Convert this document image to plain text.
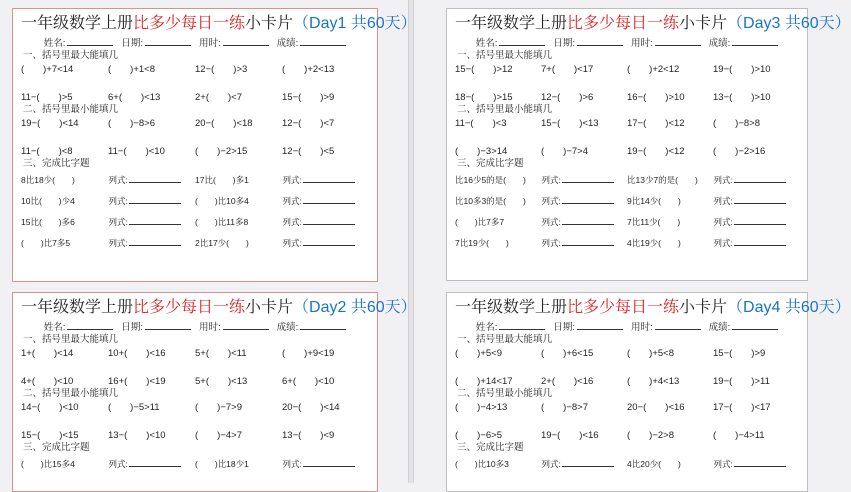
一年级数学上册比多少每日一练小卡片（Day1 共60天）
姓名:	日期:	用时:	成绩:
一、括号里最大能填几
(　　)+7<14	(　　)+1<8	12−(　　)>3	(　　)+2<13
11−(　　)>5	6+(　　)<13	2+(　　)<7	15−(　　)>9
二、括号里最小能填几
19−(　　)<14	(　　)−8>6	20−(　　)<18	12−(　　)<7
11−(　　)<8	11−(　　)<10	(　　)−2>15	12−(　　)<5
三、完成比字题
8比18少(　　)	列式:	17比(　　)多1	列式:
10比(　　)少4	列式:	(　　)比10多4	列式:
15比(　　)多6	列式:	(　　)比11多8	列式:
(　　)比7多5	列式:	2比17少(　　)	列式:
一年级数学上册比多少每日一练小卡片（Day3 共60天）
姓名:	日期:	用时:	成绩:
一、括号里最大能填几
15−(　　)>12	7+(　　)<17	(　　)+2<12	19−(　　)>10
18−(　　)>15	12−(　　)>6	16−(　　)>10	13−(　　)>10
二、括号里最小能填几
11−(　　)<3	15−(　　)<13	17−(　　)<12	(　　)−8>8
(　　)−3>14	(　　)−7>4	19−(　　)<12	(　　)−2>16
三、完成比字题
比16少5的是(　　)	列式:	比13少7的是(　　)	列式:
比10多3的是(　　)	列式:	9比14少(　　)	列式:
(　　)比7多7	列式:	7比11少(　　)	列式:
7比19少(　　)	列式:	4比19少(　　)	列式:
一年级数学上册比多少每日一练小卡片（Day2 共60天）
姓名:	日期:	用时:	成绩:
一、括号里最大能填几
1+(　　)<14	10+(　　)<16	5+(　　)<11	(　　)+9<19
4+(　　)<10	16+(　　)<19	5+(　　)<13	6+(　　)<10
二、括号里最小能填几
14−(　　)<10	(　　)−5>11	(　　)−7>9	20−(　　)<14
15−(　　)<15	13−(　　)<10	(　　)−4>7	13−(　　)<9
三、完成比字题
(　　)比15多4	列式:	(　　)比18少1	列式:
一年级数学上册比多少每日一练小卡片（Day4 共60天）
姓名:	日期:	用时:	成绩:
一、括号里最大能填几
(　　)+5<9	(　　)+6<15	(　　)+5<8	15−(　　)>9
(　　)+14<17	2+(　　)<16	(　　)+4<13	19−(　　)>11
二、括号里最小能填几
(　　)−4>13	(　　)−8>7	20−(　　)<16	17−(　　)<17
(　　)−6>5	19−(　　)<16	(　　)−2>8	(　　)−4>11
三、完成比字题
(　　)比10多3	列式:	4比20少(　　)	列式:
